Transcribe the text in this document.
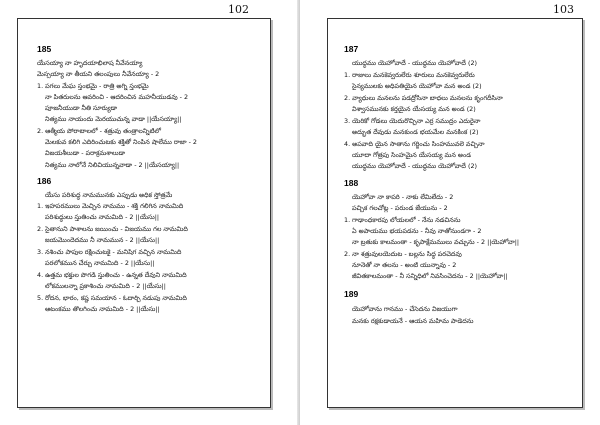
102
185
యేసయ్యా నా హృదయాభిలాష నీవేనయ్యా
మెస్సయ్యా నా తీయని తలంపులు నీవేనయ్యా - 2
1. పగలు మేఘ స్తంభమై - రాత్రి అగ్ని స్తంభమై
నా పితరులను ఆవరించి - ఆదరించిన మహనీయుడవు - 2
పూజనీయుడా నీతి సూర్యుడా
నిత్యము నాయందు మెరయుచున్న వాడా ||యేసయ్యా||
2. ఆత్మీయ పోరాటాలలో - శత్రువు తంత్రాలన్నిటిలో
మెలకువ కలిగి ఎదిరించుటకు శక్తితో నింపిన షాలేము రాజా - 2
విజయశీలుడా - పరాక్రమశాలుడా
నిత్యము నాలోనే నిలిచియున్నవాడా - 2 ||యేసయ్యా||
186
యేసు పరిశుద్ధ నామమునకు ఎప్పుడు అధిక స్తోత్రమే
1. ఇహపరములు మెచ్చిన నామము - శక్తి గలిగిన నామమిది
పరిశుద్ధులు స్తుతించు నామమిది - 2 ||యేసు||
2. సైతానుని పాశాలను జయించు - విజయము గల నామమిది
జయమొందెదము నీ నామమున - 2 ||యేసు||
3. నశించు పాపుల రక్షించుటకై - మనిషిగ వచ్చిన నామమిది
పరలోకమున చేర్చు నామమిది - 2 ||యేసు||
4. ఉత్తమ భక్తుల పొగడి స్తుతించు - ఉన్నత దేవుని నామమిది
లోకములన్నా ప్రకాశించు నామమిది - 2 ||యేసు||
5. రోదన, భారం, కష్ట సమయాన - ఓదార్చి నడుపు నామమిది
ఆటంకము తొలగించు నామమిది - 2 ||యేసు||
103
187
యుద్ధము యెహోవాదే - యుద్ధము యెహోవాదే (2)
1. రాజులు మనకెవ్వరులేరు శూరులు మనకెవ్వరులేరు
సైన్యములకు అధిపతియైన యెహోవా మన అండ (2)
2. వ్యాధులు మనలను పడద్రోసినా బాధలు మనలను కృంగదీసినా
విశ్వాసమునకు కర్తయైన యేసయ్య మన అండ (2)
3. యెరికో గోడలు యెదురొచ్చినా ఎర్ర సముద్రం ఎదురైనా
అద్భుత దేవుడు మనకుండ భయమేల మనకింక (2)
4. అపవాది యైన సాతాను గర్జించు సింహమువలె వచ్చినా
యూదా గోత్రపు సింహమైన యేసయ్య మన అండ
యుద్ధము యెహోవాదే - యుద్ధము యెహోవాదే (2)
188
యెహోవా నా కాపరి - నాకు లేమిలేదు - 2
పచ్చిక గలచోట్ల - పరుండ జేయును - 2
1. గాఢాంధకారపు లోయలలో - నేను నడచినను
ఏ అపాయము భయపడను - నీవు నాతోనుండగా - 2
నా బ్రతుకు కాలమంతా - కృపాక్షేమములు వచ్చును - 2 ||యెహోవా||
2. నా శత్రువులయెదుట - బల్లను సిద్ధ పరచెదవు
నూనెతో నా తలను - అంటి యున్నావు - 2
జీవితకాలమంతా - నీ సన్నిధిలో నివసించెదను - 2 ||యెహోవా||
189
యెహోవాను గానము - చేసెదను విజయుగా
మనకు రక్షకుడాయనే - ఆయన మహిమ పాడెదను
